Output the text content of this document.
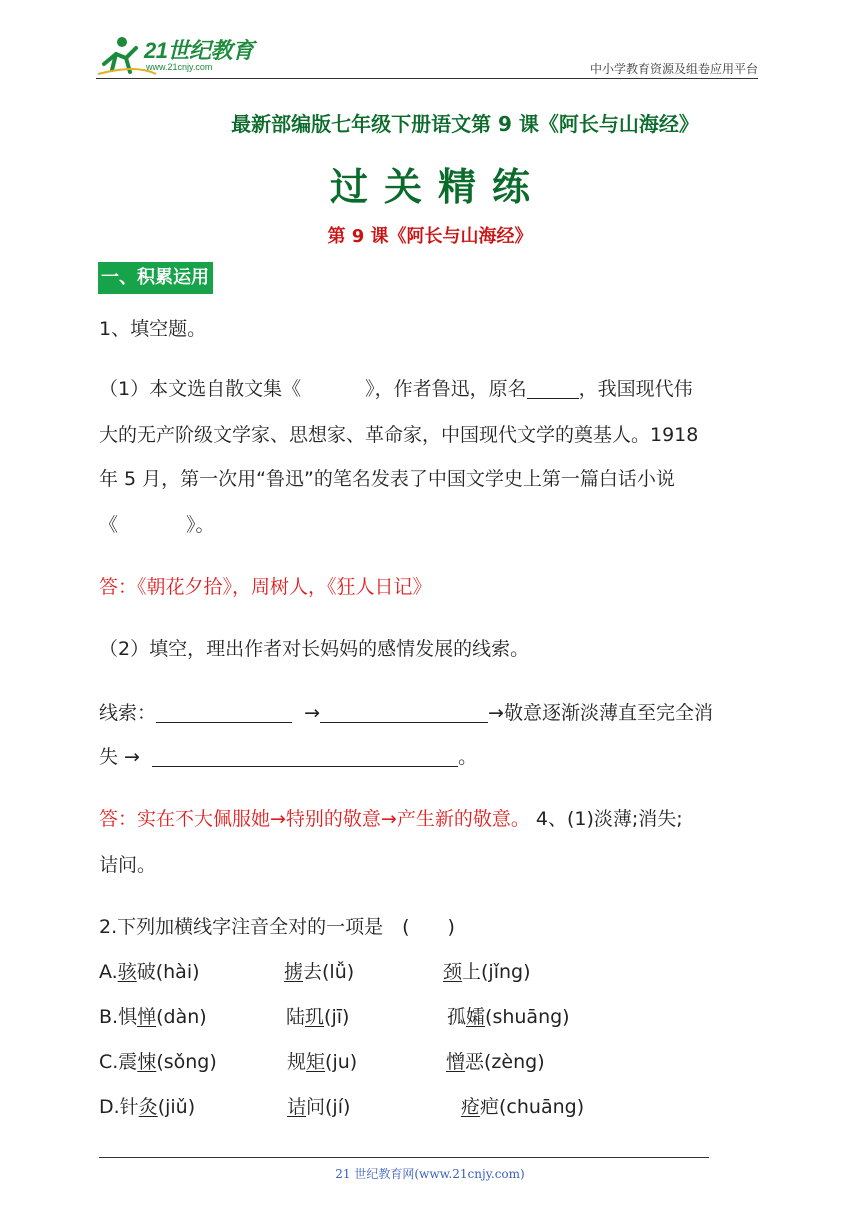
21世纪教育
www.21cnjy.com	中小学教育资源及组卷应用平台
最新部编版七年级下册语文第 9 课《阿长与山海经》
过关精练
第 9 课《阿长与山海经》
一、积累运用
1、填空题。
（1）本文选自散文集《	》，作者鲁迅，原名	，我国现代伟
大的无产阶级文学家、思想家、革命家，中国现代文学的奠基人。1918
年 5 月，第一次用“鲁迅”的笔名发表了中国文学史上第一篇白话小说
《	》。
答：《朝花夕拾》，周树人，《狂人日记》
（2）填空，理出作者对长妈妈的感情发展的线索。
线索：	→	→敬意逐渐淡薄直至完全消
失 →	。
答：实在不大佩服她→特别的敬意→产生新的敬意。 4、(1)淡薄;消失;
诘问。
2.下列加横线字注音全对的一项是　(　　)
A.骇破(hài)	掳去(lǚ)	颈上(jǐng)
B.惧惮(dàn)	陆玑(jī)	孤孀(shuāng)
C.震悚(sǒng)	规矩(ju)	憎恶(zèng)
D.针灸(jiǔ)	诘问(jí)	疮疤(chuāng)
21 世纪教育网(www.21cnjy.com)
